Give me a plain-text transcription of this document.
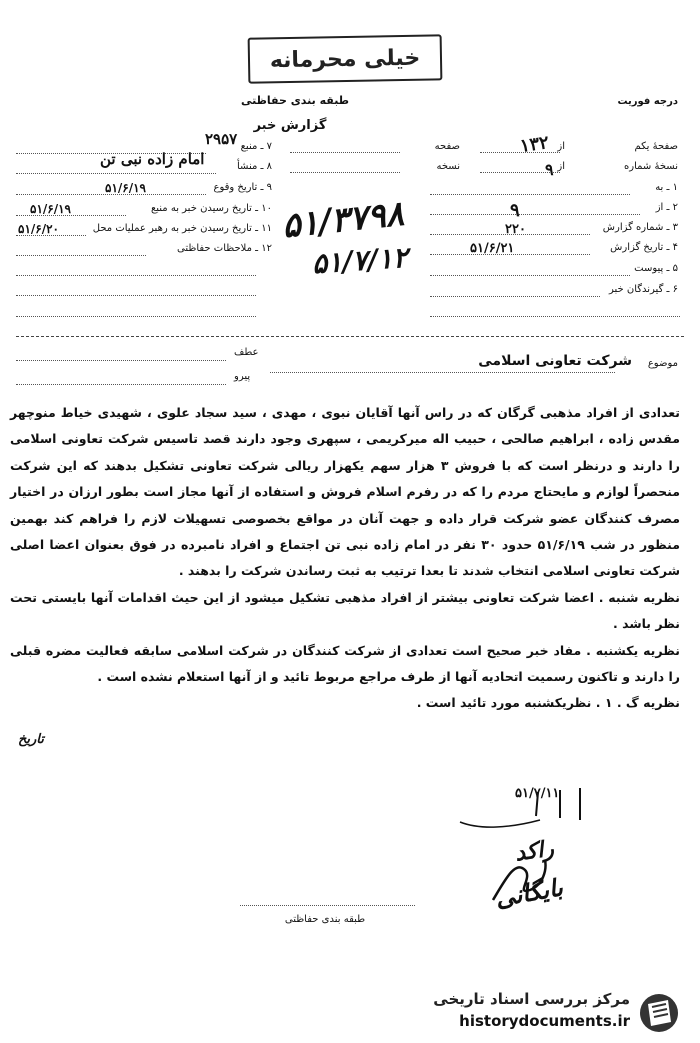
خیلی محرمانه
طبقه بندی حفاظتی
گزارش خبر
درجه فوریت
صفحهٔ یکم
از
صفحه
نسخهٔ شماره
از
نسخه
۱ ـ به
۲ ـ از
۳ ـ شماره گزارش
۴ ـ تاریخ گزارش
۵ ـ پیوست
۶ ـ گیرندگان خبر
۱۳۲
۹
۹
۲۲۰
۵۱/۶/۲۱
۷ ـ منبع
۸ ـ منشأ
۹ ـ تاریخ وقوع
۱۰ ـ تاریخ رسیدن خبر به منبع
۱۱ ـ تاریخ رسیدن خبر به رهبر عملیات محل
۱۲ ـ ملاحظات حفاظتی
۲۹۵۷
امام زاده نبی تن
۵۱/۶/۱۹
۵۱/۶/۱۹
۵۱/۶/۲۰	۵۱/۳۷۹۸
۵۱/۷/۱۲
موضوع
شرکت تعاونی اسلامی
عطف
پیرو

تعدادی از افراد مذهبی گرگان که در راس آنها آقایان نبوی ، مهدی ، سید سجاد علوی ، شهیدی خیاط منوچهر مقدس زاده ، ابراهیم صالحی ، حبیب اله میرکریمی ، سپهری وجود دارند قصد تاسیس شرکت تعاونی اسلامی را دارند و درنظر است که با فروش ۳ هزار سهم یکهزار ریالی شرکت تعاونی تشکیل بدهند که این شرکت منحصراً لوازم و مایحتاج مردم را که در رفرم اسلام فروش و استفاده از آنها مجاز است بطور ارزان در اختیار مصرف کنندگان عضو شرکت قرار داده و جهت آنان در مواقع بخصوصی تسهیلات لازم را فراهم کند بهمین منظور در شب ۵۱/۶/۱۹ حدود ۳۰ نفر در امام زاده نبی تن اجتماع و افراد نامبرده در فوق بعنوان اعضا اصلی شرکت تعاونی اسلامی انتخاب شدند تا بعدا ترتیب به ثبت رساندن شرکت را بدهند .

نظریه شنبه . اعضا شرکت تعاونی بیشتر از افراد مذهبی تشکیل میشود از این حیث اقدامات آنها بایستی تحت نظر باشد .

نظریه یکشنبه . مفاد خبر صحیح است تعدادی از شرکت کنندگان در شرکت اسلامی سابقه فعالیت مضره قبلی را دارند و تاکنون رسمیت اتحادیه آنها از طرف مراجع مربوط تائید و از آنها استعلام نشده است .

نظریه گ . ۱ . نظریکشنبه مورد تائید است .

تاریخ
۵۱/۷/۱۱
راکد
بایگانی
طبقه بندی حفاظتی
مرکز بررسی اسناد تاریخی
historydocuments.ir
